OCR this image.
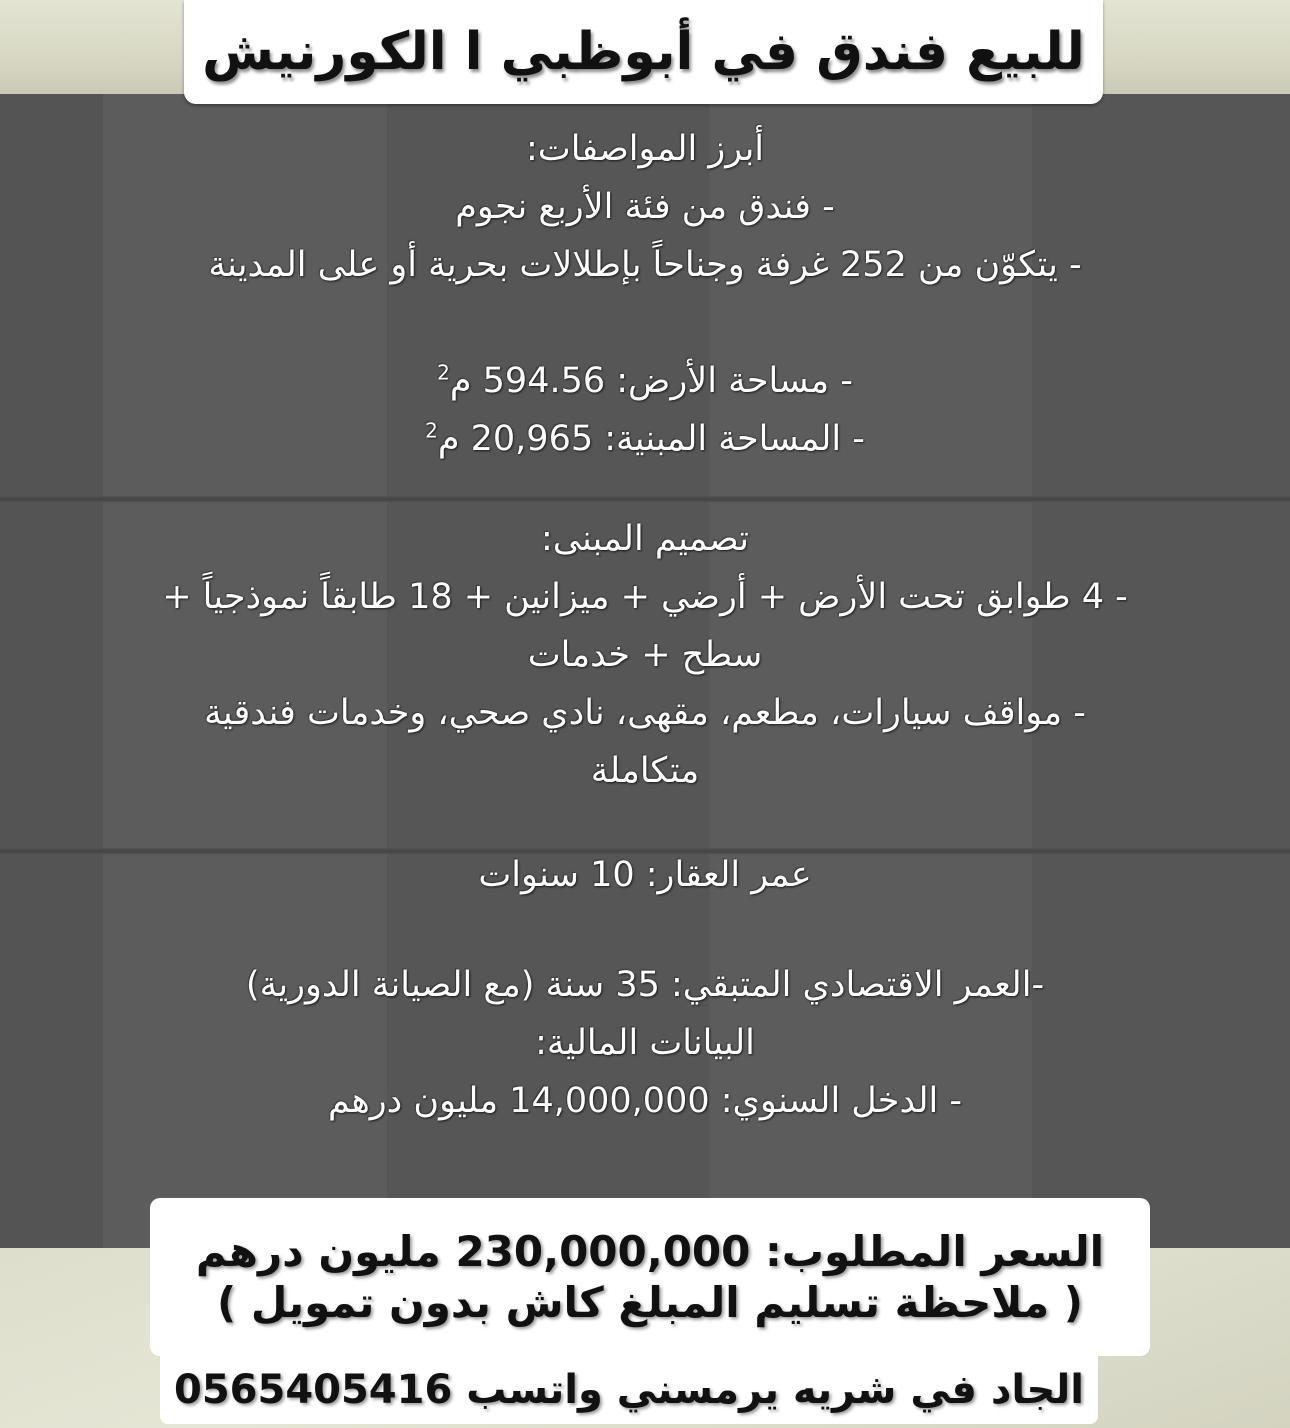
للبيع فندق في أبوظبي ا الكورنيش
أبرز المواصفات:
- فندق من فئة الأربع نجوم
- يتكوّن من 252 غرفة وجناحاً بإطلالات بحرية أو على المدينة
- مساحة الأرض: 594.56 م$^2$
- المساحة المبنية: 20,965 م$^2$
تصميم المبنى:
- 4 طوابق تحت الأرض + أرضي + ميزانين + 18 طابقاً نموذجياً +
سطح + خدمات
- مواقف سيارات، مطعم، مقهى، نادي صحي، وخدمات فندقية
متكاملة
عمر العقار: 10 سنوات
-العمر الاقتصادي المتبقي: 35 سنة (مع الصيانة الدورية)
البيانات المالية:
- الدخل السنوي: 14,000,000 مليون درهم
السعر المطلوب: 230,000,000 مليون درهم
( ملاحظة تسليم المبلغ كاش بدون تمويل )
الجاد في شريه يرمسني واتسب 0565405416
